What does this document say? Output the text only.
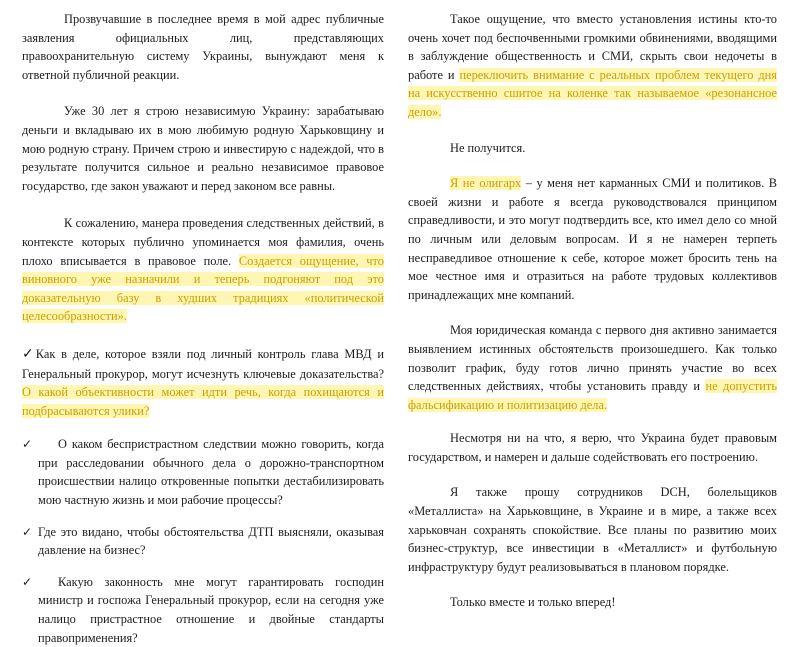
Прозвучавшие в последнее время в мой адрес публичные заявления официальных лиц, представляющих правоохранительную систему Украины, вынуждают меня к ответной публичной реакции.

Уже 30 лет я строю независимую Украину: зарабатываю деньги и вкладываю их в мою любимую родную Харьковщину и мою родную страну. Причем строю и инвестирую с надеждой, что в результате получится сильное и реально независимое правовое государство, где закон уважают и перед законом все равны.

К сожалению, манера проведения следственных действий, в контексте которых публично упоминается моя фамилия, очень плохо вписывается в правовое поле. Создается ощущение, что виновного уже назначили и теперь подгоняют под это доказательную базу в худших традициях «политической целесообразности».

✓ Как в деле, которое взяли под личный контроль глава МВД и Генеральный прокурор, могут исчезнуть ключевые доказательства? О какой объективности может идти речь, когда похищаются и подбрасываются улики?

✓ О каком беспристрастном следствии можно говорить, когда при расследовании обычного дела о дорожно-транспортном происшествии налицо откровенные попытки дестабилизировать мою частную жизнь и мои рабочие процессы?

✓ Где это видано, чтобы обстоятельства ДТП выясняли, оказывая давление на бизнес?

✓ Какую законность мне могут гарантировать господин министр и госпожа Генеральный прокурор, если на сегодня уже налицо пристрастное отношение и двойные стандарты правоприменения?

Такое ощущение, что вместо установления истины кто-то очень хочет под беспочвенными громкими обвинениями, вводящими в заблуждение общественность и СМИ, скрыть свои недочеты в работе и переключить внимание с реальных проблем текущего дня на искусственно сшитое на коленке так называемое «резонансное дело».

Не получится.

Я не олигарх – у меня нет карманных СМИ и политиков. В своей жизни и работе я всегда руководствовался принципом справедливости, и это могут подтвердить все, кто имел дело со мной по личным или деловым вопросам. И я не намерен терпеть несправедливое отношение к себе, которое может бросить тень на мое честное имя и отразиться на работе трудовых коллективов принадлежащих мне компаний.

Моя юридическая команда с первого дня активно занимается выявлением истинных обстоятельств произошедшего. Как только позволит график, буду готов лично принять участие во всех следственных действиях, чтобы установить правду и не допустить фальсификацию и политизацию дела.

Несмотря ни на что, я верю, что Украина будет правовым государством, и намерен и дальше содействовать его построению.

Я также прошу сотрудников DCH, болельщиков «Металлиста» на Харьковщине, в Украине и в мире, а также всех харьковчан сохранять спокойствие. Все планы по развитию моих бизнес-структур, все инвестиции в «Металлист» и футбольную инфраструктуру будут реализовываться в плановом порядке.

Только вместе и только вперед!
